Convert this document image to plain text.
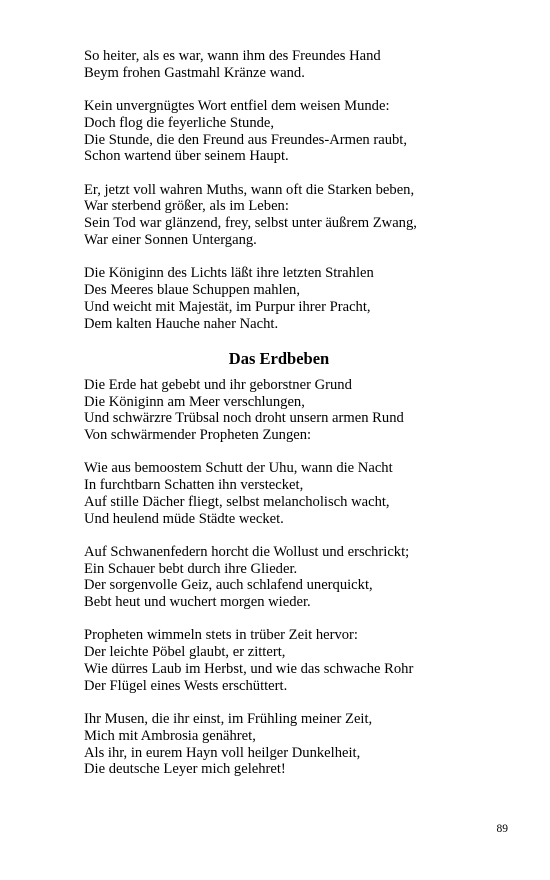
So heiter, als es war, wann ihm des Freundes Hand
Beym frohen Gastmahl Kränze wand.
Kein unvergnügtes Wort entfiel dem weisen Munde:
Doch flog die feyerliche Stunde,
Die Stunde, die den Freund aus Freundes-Armen raubt,
Schon wartend über seinem Haupt.
Er, jetzt voll wahren Muths, wann oft die Starken beben,
War sterbend größer, als im Leben:
Sein Tod war glänzend, frey, selbst unter äußrem Zwang,
War einer Sonnen Untergang.
Die Königinn des Lichts läßt ihre letzten Strahlen
Des Meeres blaue Schuppen mahlen,
Und weicht mit Majestät, im Purpur ihrer Pracht,
Dem kalten Hauche naher Nacht.
Das Erdbeben
Die Erde hat gebebt und ihr geborstner Grund
Die Königinn am Meer verschlungen,
Und schwärzre Trübsal noch droht unsern armen Rund
Von schwärmender Propheten Zungen:
Wie aus bemoostem Schutt der Uhu, wann die Nacht
In furchtbarn Schatten ihn verstecket,
Auf stille Dächer fliegt, selbst melancholisch wacht,
Und heulend müde Städte wecket.
Auf Schwanenfedern horcht die Wollust und erschrickt;
Ein Schauer bebt durch ihre Glieder.
Der sorgenvolle Geiz, auch schlafend unerquickt,
Bebt heut und wuchert morgen wieder.
Propheten wimmeln stets in trüber Zeit hervor:
Der leichte Pöbel glaubt, er zittert,
Wie dürres Laub im Herbst, und wie das schwache Rohr
Der Flügel eines Wests erschüttert.
Ihr Musen, die ihr einst, im Frühling meiner Zeit,
Mich mit Ambrosia genähret,
Als ihr, in eurem Hayn voll heilger Dunkelheit,
Die deutsche Leyer mich gelehret!
89
